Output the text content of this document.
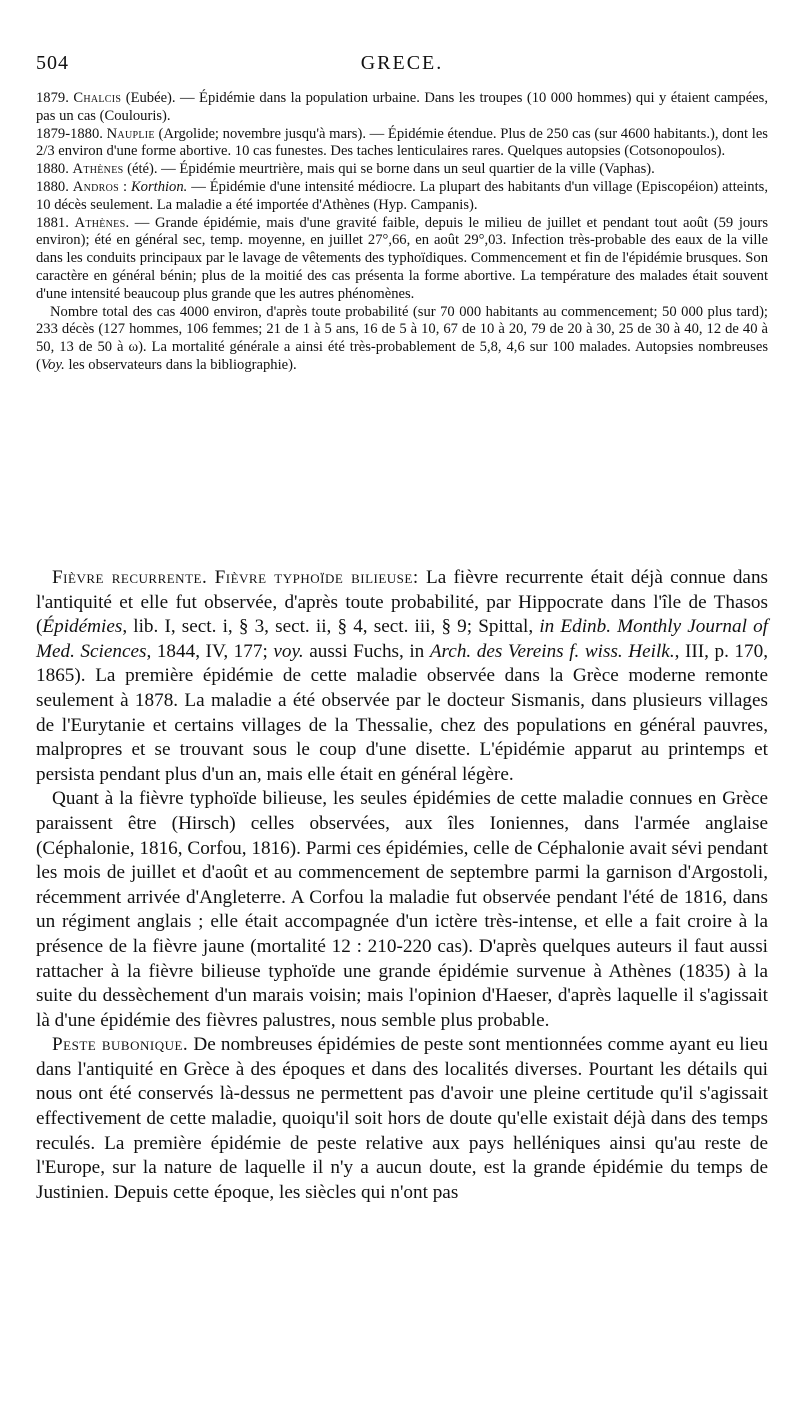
504	GRECE.

1879. Chalcis (Eubée). — Épidémie dans la population urbaine. Dans les troupes (10 000 hommes) qui y étaient campées, pas un cas (Coulouris).

1879-1880. Nauplie (Argolide; novembre jusqu'à mars). — Épidémie étendue. Plus de 250 cas (sur 4600 habitants.), dont les 2/3 environ d'une forme abortive. 10 cas funestes. Des taches lenticulaires rares. Quelques autopsies (Cotsonopoulos).

1880. Athènes (été). — Épidémie meurtrière, mais qui se borne dans un seul quartier de la ville (Vaphas).

1880. Andros : Korthion. — Épidémie d'une intensité médiocre. La plupart des habitants d'un village (Episcopéion) atteints, 10 décès seulement. La maladie a été importée d'Athènes (Hyp. Campanis).

1881. Athènes. — Grande épidémie, mais d'une gravité faible, depuis le milieu de juillet et pendant tout août (59 jours environ); été en général sec, temp. moyenne, en juillet 27°,66, en août 29°,03. Infection très-probable des eaux de la ville dans les conduits principaux par le lavage de vêtements des typhoïdiques. Commencement et fin de l'épidémie brusques. Son caractère en général bénin; plus de la moitié des cas présenta la forme abortive. La température des malades était souvent d'une intensité beaucoup plus grande que les autres phénomènes.

Nombre total des cas 4000 environ, d'après toute probabilité (sur 70 000 habitants au commencement; 50 000 plus tard); 233 décès (127 hommes, 106 femmes; 21 de 1 à 5 ans, 16 de 5 à 10, 67 de 10 à 20, 79 de 20 à 30, 25 de 30 à 40, 12 de 40 à 50, 13 de 50 à ω). La mortalité générale a ainsi été très-probablement de 5,8, 4,6 sur 100 malades. Autopsies nombreuses (Voy. les observateurs dans la bibliographie).

Fièvre recurrente. Fièvre typhoïde bilieuse: La fièvre recurrente était déjà connue dans l'antiquité et elle fut observée, d'après toute probabilité, par Hippocrate dans l'île de Thasos (Épidémies, lib. I, sect. i, § 3, sect. ii, § 4, sect. iii, § 9; Spittal, in Edinb. Monthly Journal of Med. Sciences, 1844, IV, 177; voy. aussi Fuchs, in Arch. des Vereins f. wiss. Heilk., III, p. 170, 1865). La première épidémie de cette maladie observée dans la Grèce moderne remonte seulement à 1878. La maladie a été observée par le docteur Sismanis, dans plusieurs villages de l'Eurytanie et certains villages de la Thessalie, chez des populations en général pauvres, malpropres et se trouvant sous le coup d'une disette. L'épidémie apparut au printemps et persista pendant plus d'un an, mais elle était en général légère.

Quant à la fièvre typhoïde bilieuse, les seules épidémies de cette maladie connues en Grèce paraissent être (Hirsch) celles observées, aux îles Ioniennes, dans l'armée anglaise (Céphalonie, 1816, Corfou, 1816). Parmi ces épidémies, celle de Céphalonie avait sévi pendant les mois de juillet et d'août et au commencement de septembre parmi la garnison d'Argostoli, récemment arrivée d'Angleterre. A Corfou la maladie fut observée pendant l'été de 1816, dans un régiment anglais ; elle était accompagnée d'un ictère très-intense, et elle a fait croire à la présence de la fièvre jaune (mortalité 12 : 210-220 cas). D'après quelques auteurs il faut aussi rattacher à la fièvre bilieuse typhoïde une grande épidémie survenue à Athènes (1835) à la suite du dessèchement d'un marais voisin; mais l'opinion d'Haeser, d'après laquelle il s'agissait là d'une épidémie des fièvres palustres, nous semble plus probable.

Peste bubonique. De nombreuses épidémies de peste sont mentionnées comme ayant eu lieu dans l'antiquité en Grèce à des époques et dans des localités diverses. Pourtant les détails qui nous ont été conservés là-dessus ne permettent pas d'avoir une pleine certitude qu'il s'agissait effectivement de cette maladie, quoiqu'il soit hors de doute qu'elle existait déjà dans des temps reculés. La première épidémie de peste relative aux pays helléniques ainsi qu'au reste de l'Europe, sur la nature de laquelle il n'y a aucun doute, est la grande épidémie du temps de Justinien. Depuis cette époque, les siècles qui n'ont pas
